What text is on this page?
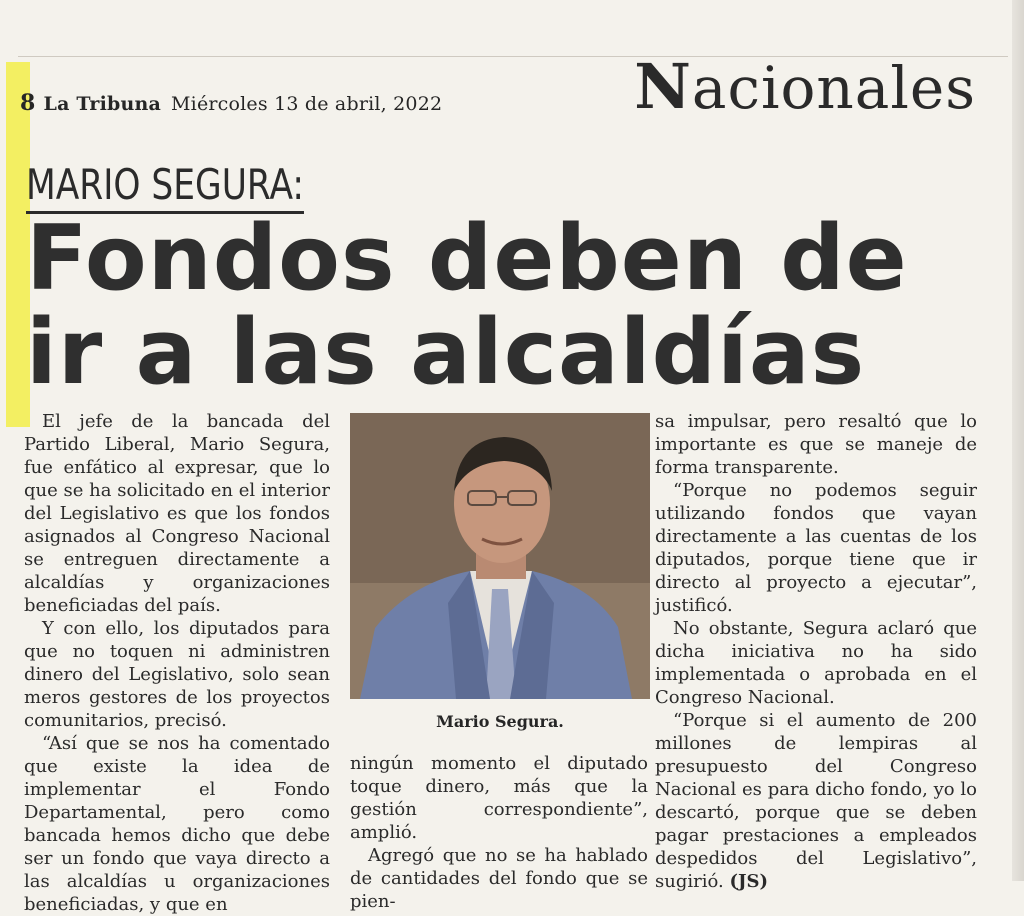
8 La Tribuna Miércoles 13 de abril, 2022	Nacionales
MARIO SEGURA:
Fondos deben de
ir a las alcaldías

El jefe de la bancada del Partido Liberal, Mario Segura, fue enfático al expresar, que lo que se ha solicitado en el interior del Legislativo es que los fondos asignados al Congreso Nacional se entreguen directamente a alcaldías y organizaciones beneficiadas del país.

Y con ello, los diputados para que no toquen ni administren dinero del Legislativo, solo sean meros gestores de los proyectos comunitarios, precisó.

“Así que se nos ha comentado que existe la idea de implementar el Fondo Departamental, pero como bancada hemos dicho que debe ser un fondo que vaya directo a las alcaldías u organizaciones beneficiadas, y que en

Mario Segura.

ningún momento el diputado toque dinero, más que la gestión correspondiente”, amplió.

Agregó que no se ha hablado de cantidades del fondo que se pien-

sa impulsar, pero resaltó que lo importante es que se maneje de forma transparente.

“Porque no podemos seguir utilizando fondos que vayan directamente a las cuentas de los diputados, porque tiene que ir directo al proyecto a ejecutar”, justificó.

No obstante, Segura aclaró que dicha iniciativa no ha sido implementada o aprobada en el Congreso Nacional.

“Porque si el aumento de 200 millones de lempiras al presupuesto del Congreso Nacional es para dicho fondo, yo lo descartó, porque que se deben pagar prestaciones a empleados despedidos del Legislativo”, sugirió. (JS)
